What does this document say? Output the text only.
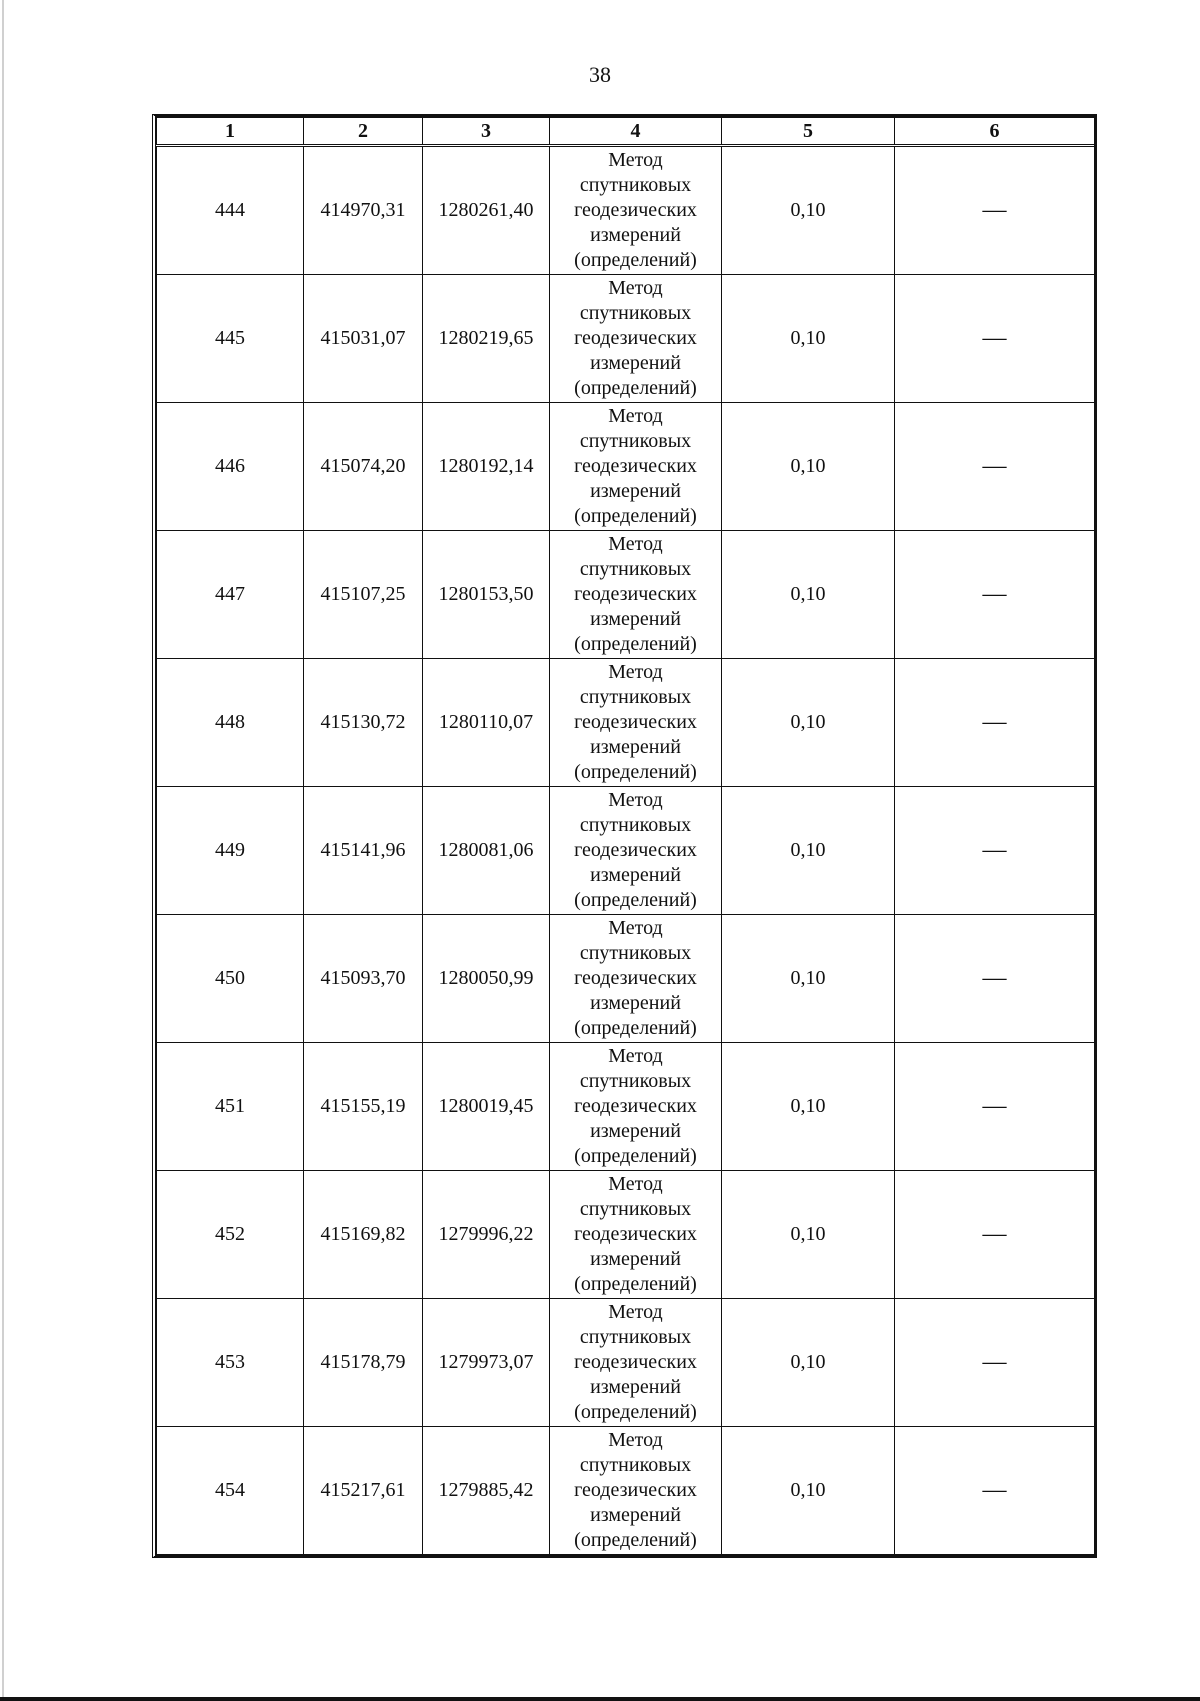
38
1	2	3	4	5	6
444	414970,31	1280261,40	Метод
спутниковых
геодезических
измерений
(определений)	0,10	—
445	415031,07	1280219,65	Метод
спутниковых
геодезических
измерений
(определений)	0,10	—
446	415074,20	1280192,14	Метод
спутниковых
геодезических
измерений
(определений)	0,10	—
447	415107,25	1280153,50	Метод
спутниковых
геодезических
измерений
(определений)	0,10	—
448	415130,72	1280110,07	Метод
спутниковых
геодезических
измерений
(определений)	0,10	—
449	415141,96	1280081,06	Метод
спутниковых
геодезических
измерений
(определений)	0,10	—
450	415093,70	1280050,99	Метод
спутниковых
геодезических
измерений
(определений)	0,10	—
451	415155,19	1280019,45	Метод
спутниковых
геодезических
измерений
(определений)	0,10	—
452	415169,82	1279996,22	Метод
спутниковых
геодезических
измерений
(определений)	0,10	—
453	415178,79	1279973,07	Метод
спутниковых
геодезических
измерений
(определений)	0,10	—
454	415217,61	1279885,42	Метод
спутниковых
геодезических
измерений
(определений)	0,10	—
